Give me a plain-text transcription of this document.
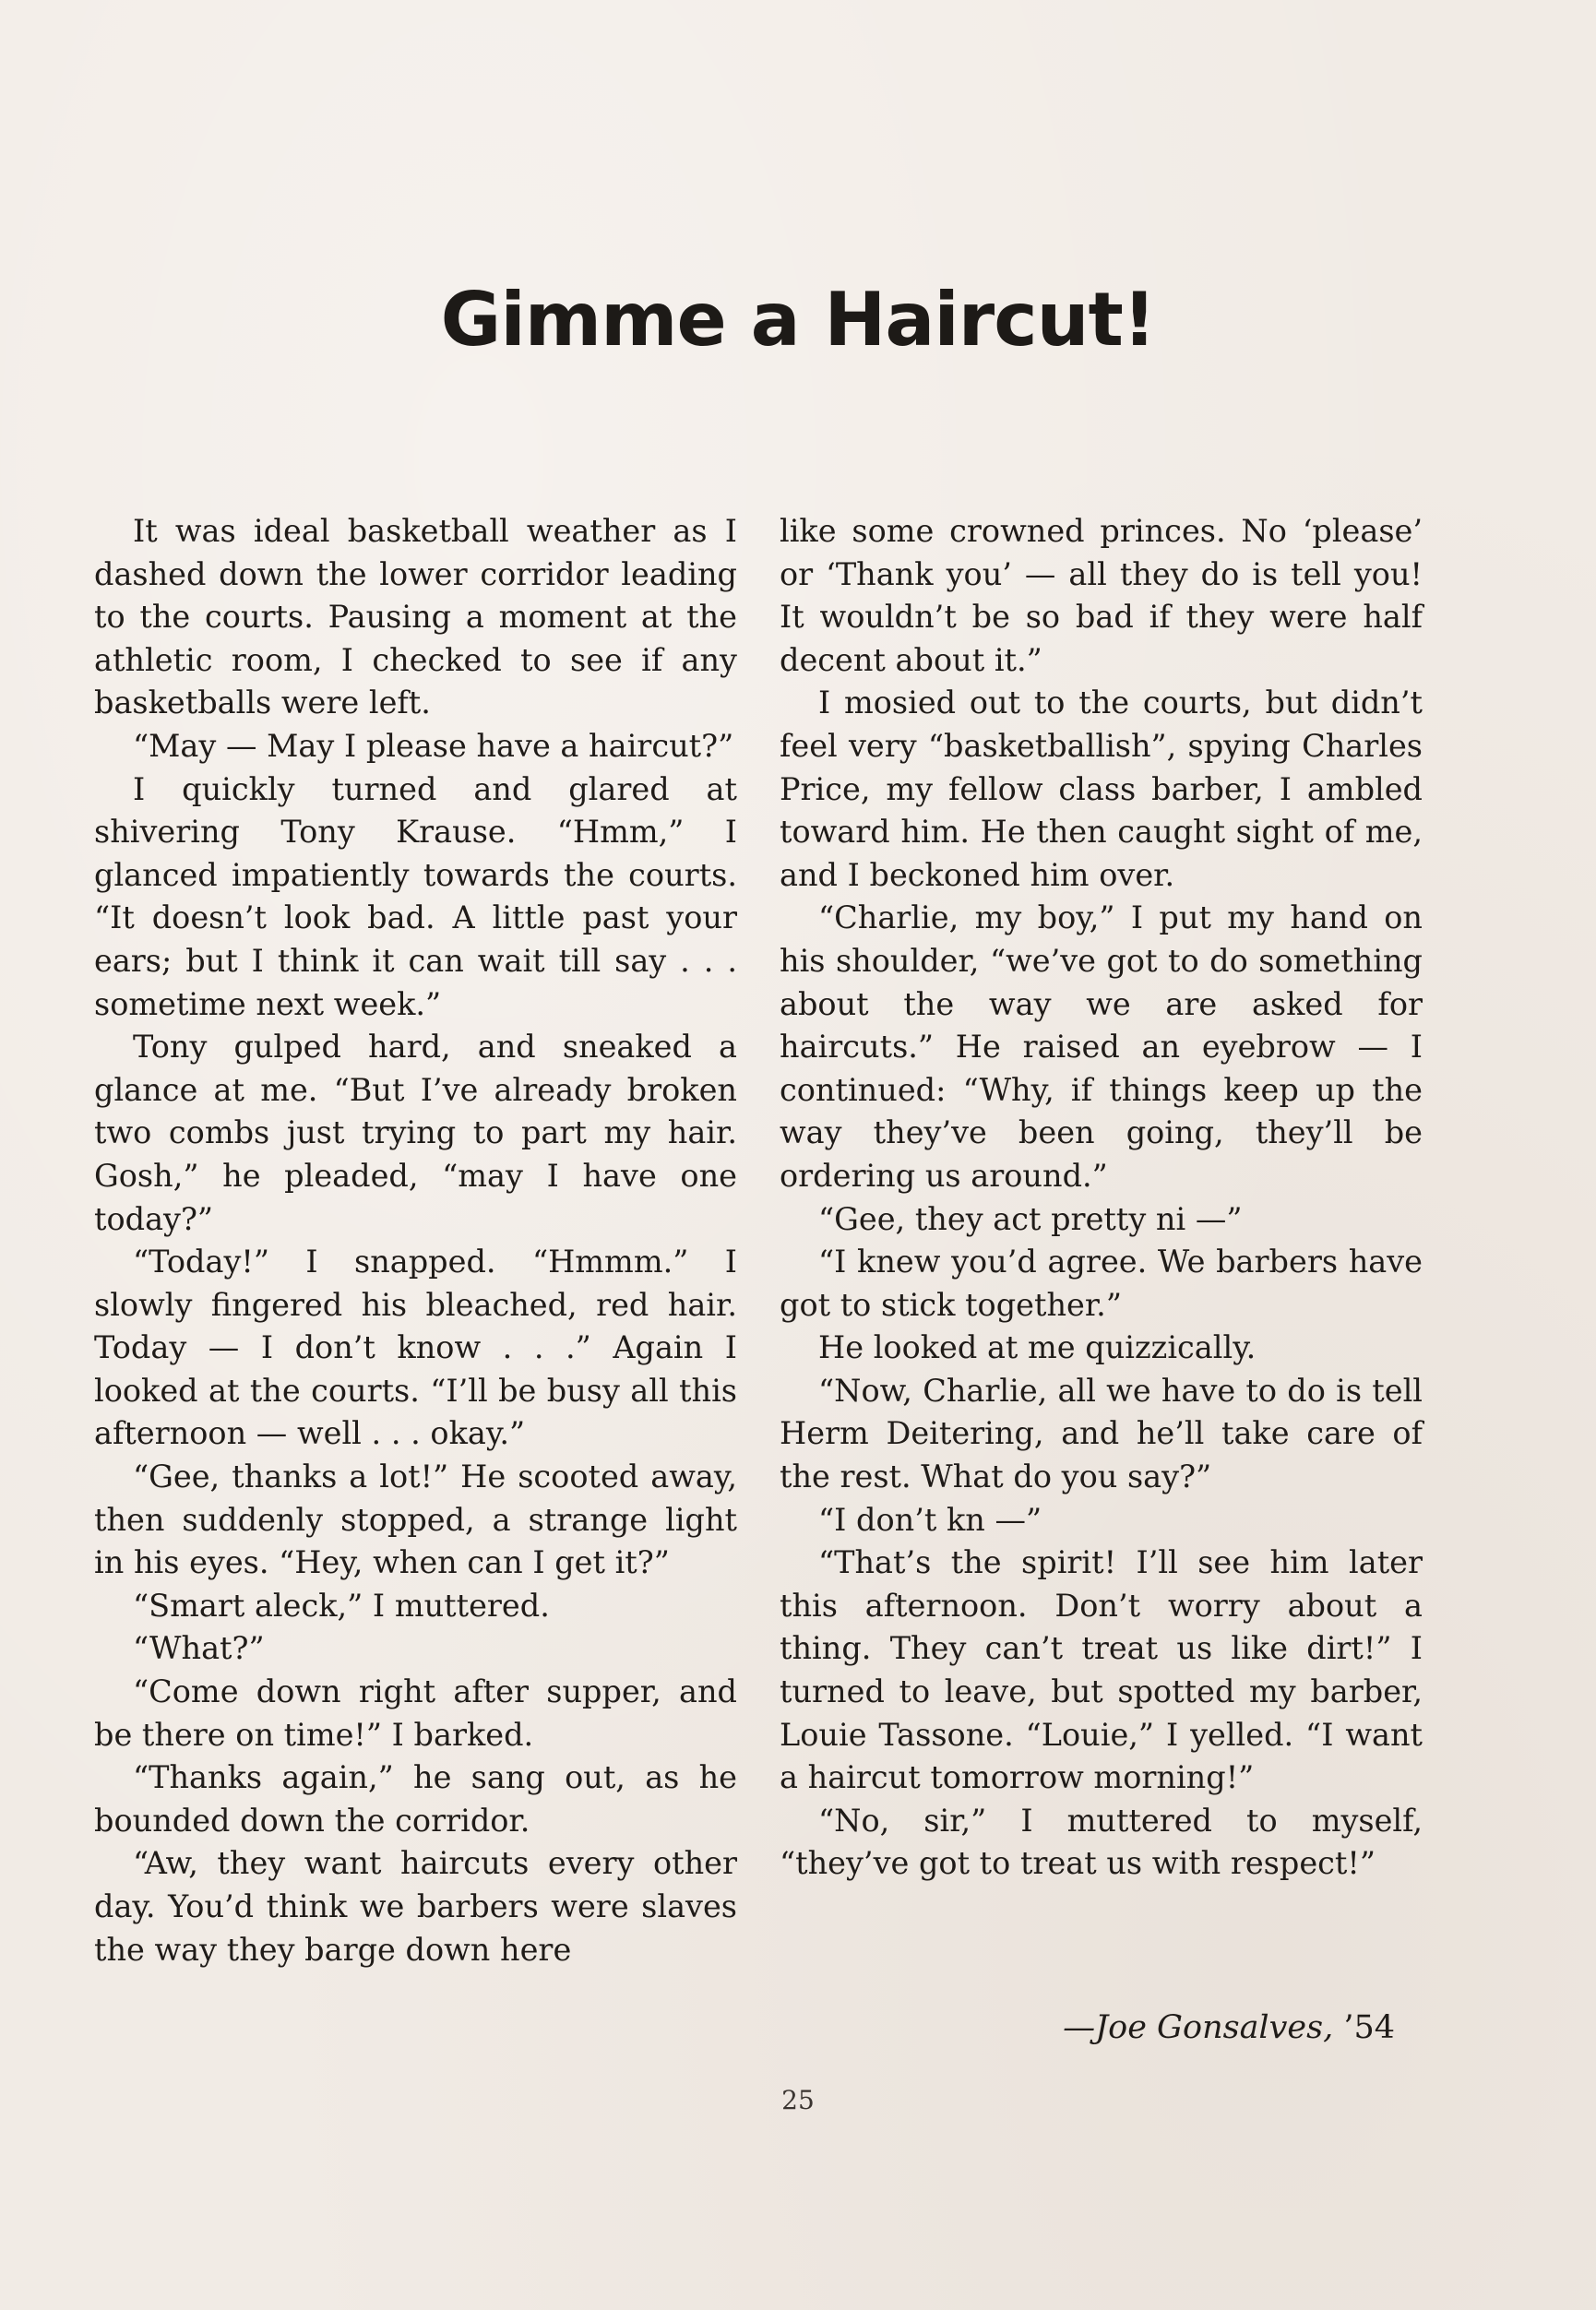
Gimme a Haircut!

It was ideal basketball weather as I dashed down the lower corridor leading to the courts. Pausing a moment at the athletic room, I checked to see if any basketballs were left.

“May — May I please have a haircut?”

I quickly turned and glared at shivering Tony Krause. “Hmm,” I glanced impatiently towards the courts. “It doesn’t look bad. A little past your ears; but I think it can wait till say . . . sometime next week.”

Tony gulped hard, and sneaked a glance at me. “But I’ve already broken two combs just trying to part my hair. Gosh,” he pleaded, “may I have one today?”

“Today!” I snapped. “Hmmm.” I slowly fingered his bleached, red hair. Today — I don’t know . . .” Again I looked at the courts. “I’ll be busy all this afternoon — well . . . okay.”

“Gee, thanks a lot!” He scooted away, then suddenly stopped, a strange light in his eyes. “Hey, when can I get it?”

“Smart aleck,” I muttered.

“What?”

“Come down right after supper, and be there on time!” I barked.

“Thanks again,” he sang out, as he bounded down the corridor.

“Aw, they want haircuts every other day. You’d think we barbers were slaves the way they barge down here

like some crowned princes. No ‘please’ or ‘Thank you’ — all they do is tell you! It wouldn’t be so bad if they were half decent about it.”

I mosied out to the courts, but didn’t feel very “basketballish”, spying Charles Price, my fellow class barber, I ambled toward him. He then caught sight of me, and I beckoned him over.

“Charlie, my boy,” I put my hand on his shoulder, “we’ve got to do something about the way we are asked for haircuts.” He raised an eyebrow — I continued: “Why, if things keep up the way they’ve been going, they’ll be ordering us around.”

“Gee, they act pretty ni —”

“I knew you’d agree. We barbers have got to stick together.”

He looked at me quizzically.

“Now, Charlie, all we have to do is tell Herm Deitering, and he’ll take care of the rest. What do you say?”

“I don’t kn —”

“That’s the spirit! I’ll see him later this afternoon. Don’t worry about a thing. They can’t treat us like dirt!” I turned to leave, but spotted my barber, Louie Tassone. “Louie,” I yelled. “I want a haircut tomorrow morning!”

“No, sir,” I muttered to myself, “they’ve got to treat us with respect!”

—Joe Gonsalves, ’54
25
